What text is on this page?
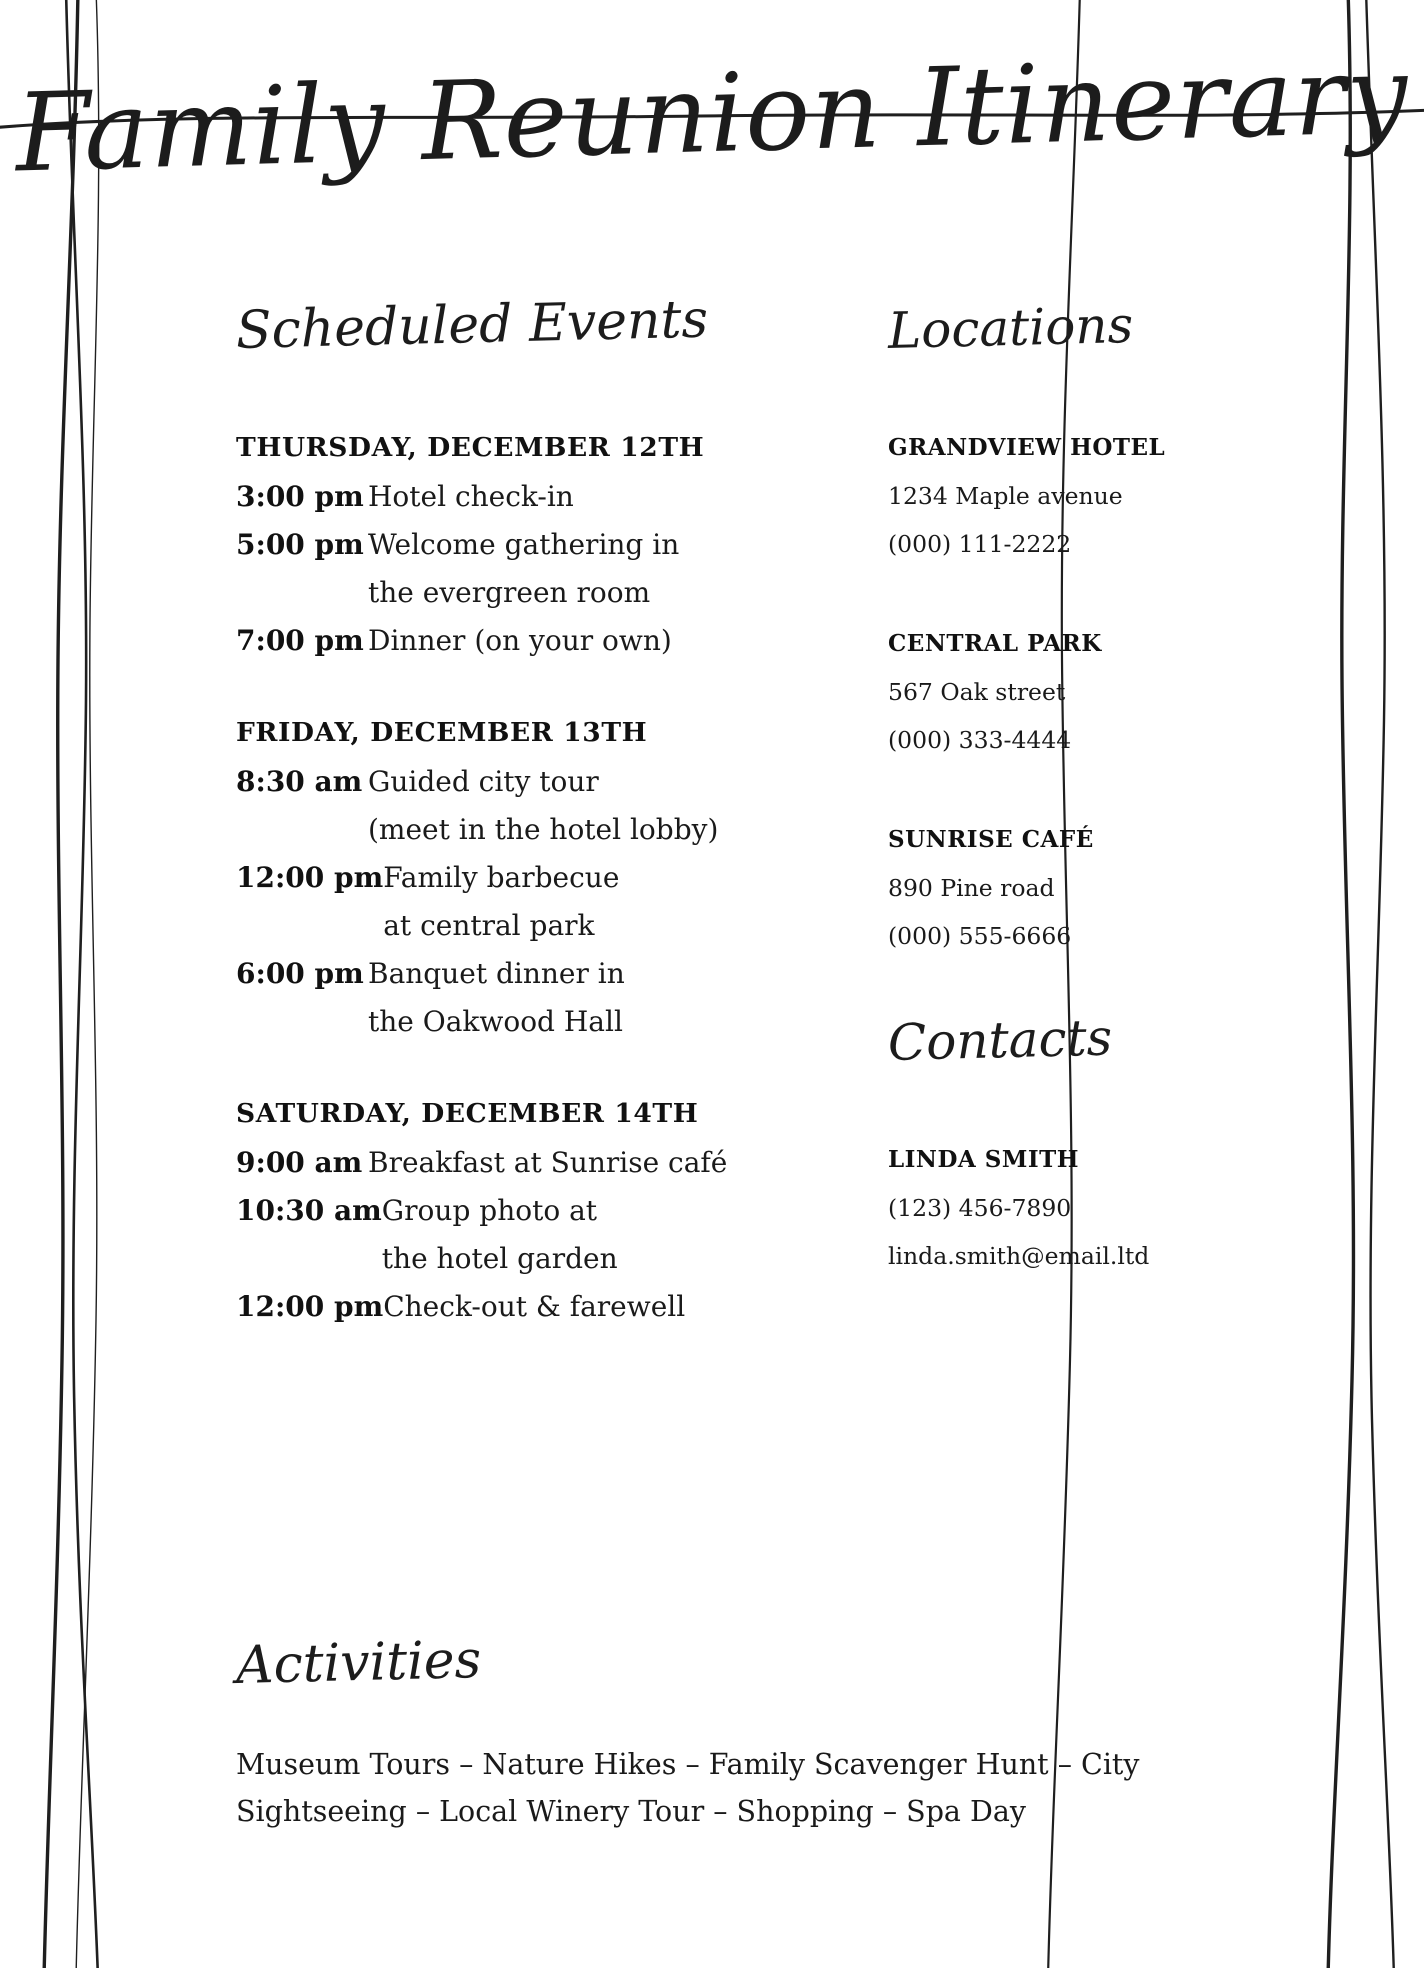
Family Reunion Itinerary
Scheduled Events
THURSDAY, DECEMBER 12TH
3:00 pm Hotel check-in
5:00 pm Welcome gathering in
the evergreen room
7:00 pm Dinner (on your own)
FRIDAY, DECEMBER 13TH
8:30 am Guided city tour
(meet in the hotel lobby)
12:00 pm Family barbecue
at central park
6:00 pm Banquet dinner in
the Oakwood Hall
SATURDAY, DECEMBER 14TH
9:00 am Breakfast at Sunrise café
10:30 am Group photo at
the hotel garden
12:00 pm Check-out & farewell
Locations
GRANDVIEW HOTEL
1234 Maple avenue
(000) 111-2222
CENTRAL PARK
567 Oak street
(000) 333-4444
SUNRISE CAFÉ
890 Pine road
(000) 555-6666
Contacts
LINDA SMITH
(123) 456-7890
linda.smith@email.ltd
Activities
Museum Tours – Nature Hikes – Family Scavenger Hunt – City Sightseeing – Local Winery Tour – Shopping – Spa Day
